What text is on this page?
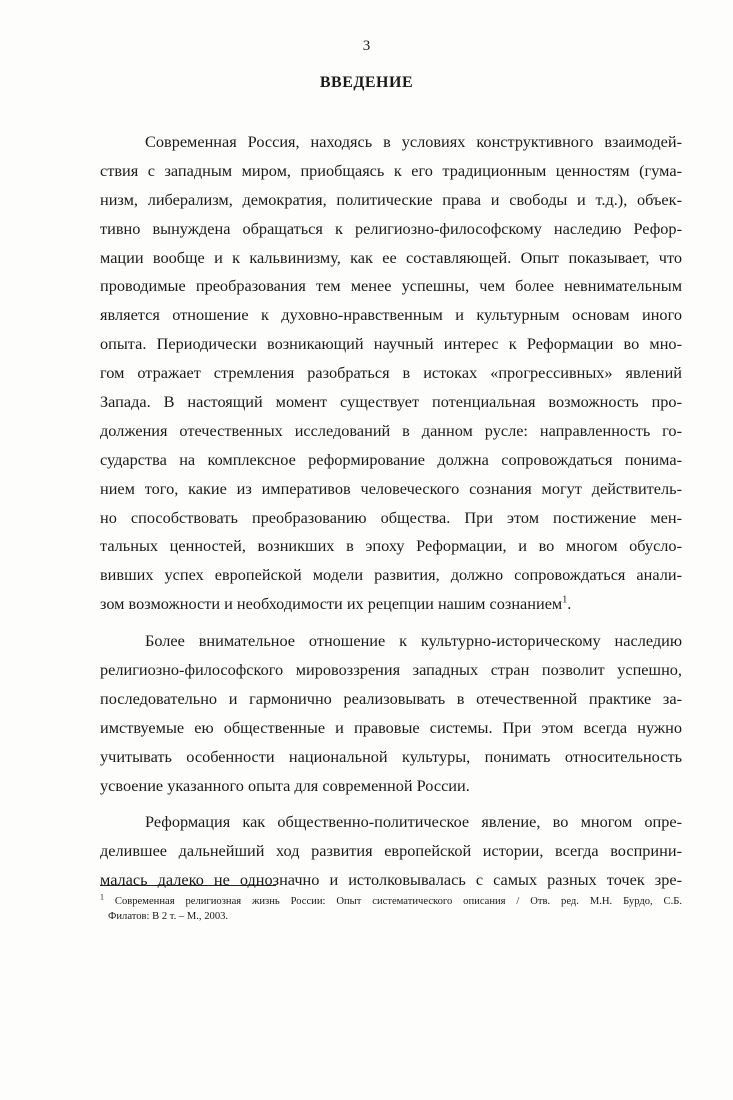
3
ВВЕДЕНИЕ
Современная Россия, находясь в условиях конструктивного взаимодей-
ствия с западным миром, приобщаясь к его традиционным ценностям (гума-
низм, либерализм, демократия, политические права и свободы и т.д.), объек-
тивно вынуждена обращаться к религиозно-философскому наследию Рефор-
мации вообще и к кальвинизму, как ее составляющей. Опыт показывает, что
проводимые преобразования тем менее успешны, чем более невнимательным
является отношение к духовно-нравственным и культурным основам иного
опыта. Периодически возникающий научный интерес к Реформации во мно-
гом отражает стремления разобраться в истоках «прогрессивных» явлений
Запада. В настоящий момент существует потенциальная возможность про-
должения отечественных исследований в данном русле: направленность го-
сударства на комплексное реформирование должна сопровождаться понима-
нием того, какие из императивов человеческого сознания могут действитель-
но способствовать преобразованию общества. При этом постижение мен-
тальных ценностей, возникших в эпоху Реформации, и во многом обусло-
вивших успех европейской модели развития, должно сопровождаться анали-
зом возможности и необходимости их рецепции нашим сознанием$^1$.
Более внимательное отношение к культурно-историческому наследию
религиозно-философского мировоззрения западных стран позволит успешно,
последовательно и гармонично реализовывать в отечественной практике за-
имствуемые ею общественные и правовые системы. При этом всегда нужно
учитывать особенности национальной культуры, понимать относительность
усвоение указанного опыта для современной России.
Реформация как общественно-политическое явление, во многом опре-
делившее дальнейший ход развития европейской истории, всегда восприни-
малась далеко не однозначно и истолковывалась с самых разных точек зре-
$^1$ Современная религиозная жизнь России: Опыт систематического описания / Отв. ред. М.Н. Бурдо, С.Б.
Филатов: В 2 т. – М., 2003.
